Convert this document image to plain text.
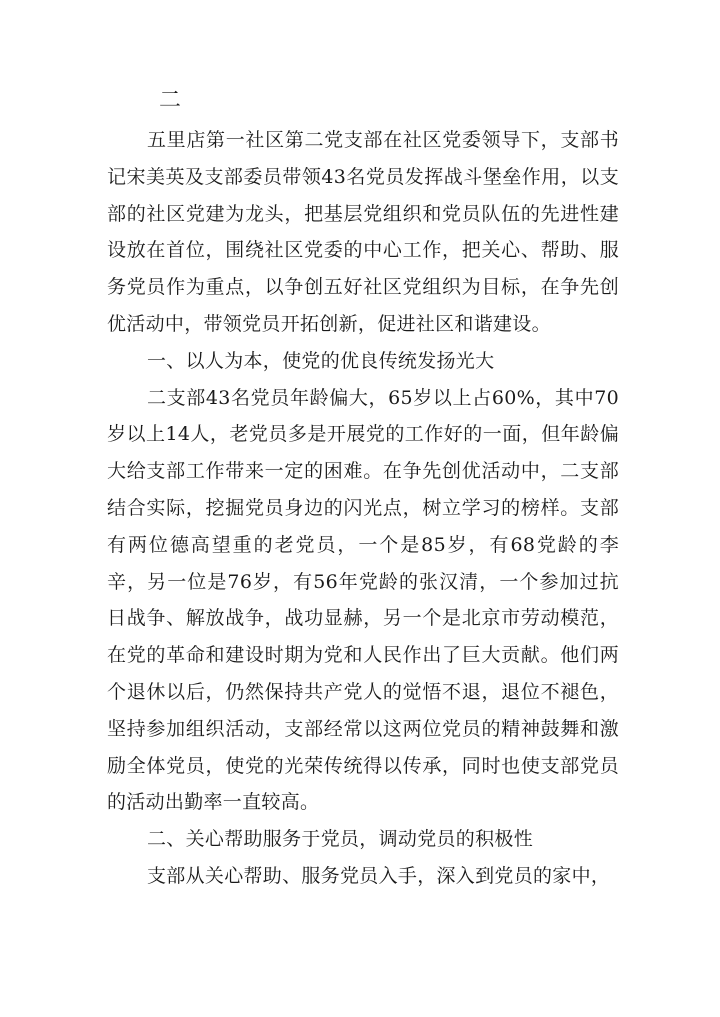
二

五里店第一社区第二党支部在社区党委领导下，支部书记宋美英及支部委员带领43名党员发挥战斗堡垒作用，以支部的社区党建为龙头，把基层党组织和党员队伍的先进性建设放在首位，围绕社区党委的中心工作，把关心、帮助、服务党员作为重点，以争创五好社区党组织为目标，在争先创优活动中，带领党员开拓创新，促进社区和谐建设。

一、以人为本，使党的优良传统发扬光大

二支部43名党员年龄偏大，65岁以上占60%，其中70岁以上14人，老党员多是开展党的工作好的一面，但年龄偏大给支部工作带来一定的困难。在争先创优活动中，二支部结合实际，挖掘党员身边的闪光点，树立学习的榜样。支部有两位德高望重的老党员，一个是85岁，有68党龄的李辛，另一位是76岁，有56年党龄的张汉清，一个参加过抗日战争、解放战争，战功显赫，另一个是北京市劳动模范，在党的革命和建设时期为党和人民作出了巨大贡献。他们两个退休以后，仍然保持共产党人的觉悟不退，退位不褪色，坚持参加组织活动，支部经常以这两位党员的精神鼓舞和激励全体党员，使党的光荣传统得以传承，同时也使支部党员的活动出勤率一直较高。

二、关心帮助服务于党员，调动党员的积极性

支部从关心帮助、服务党员入手，深入到党员的家中，
